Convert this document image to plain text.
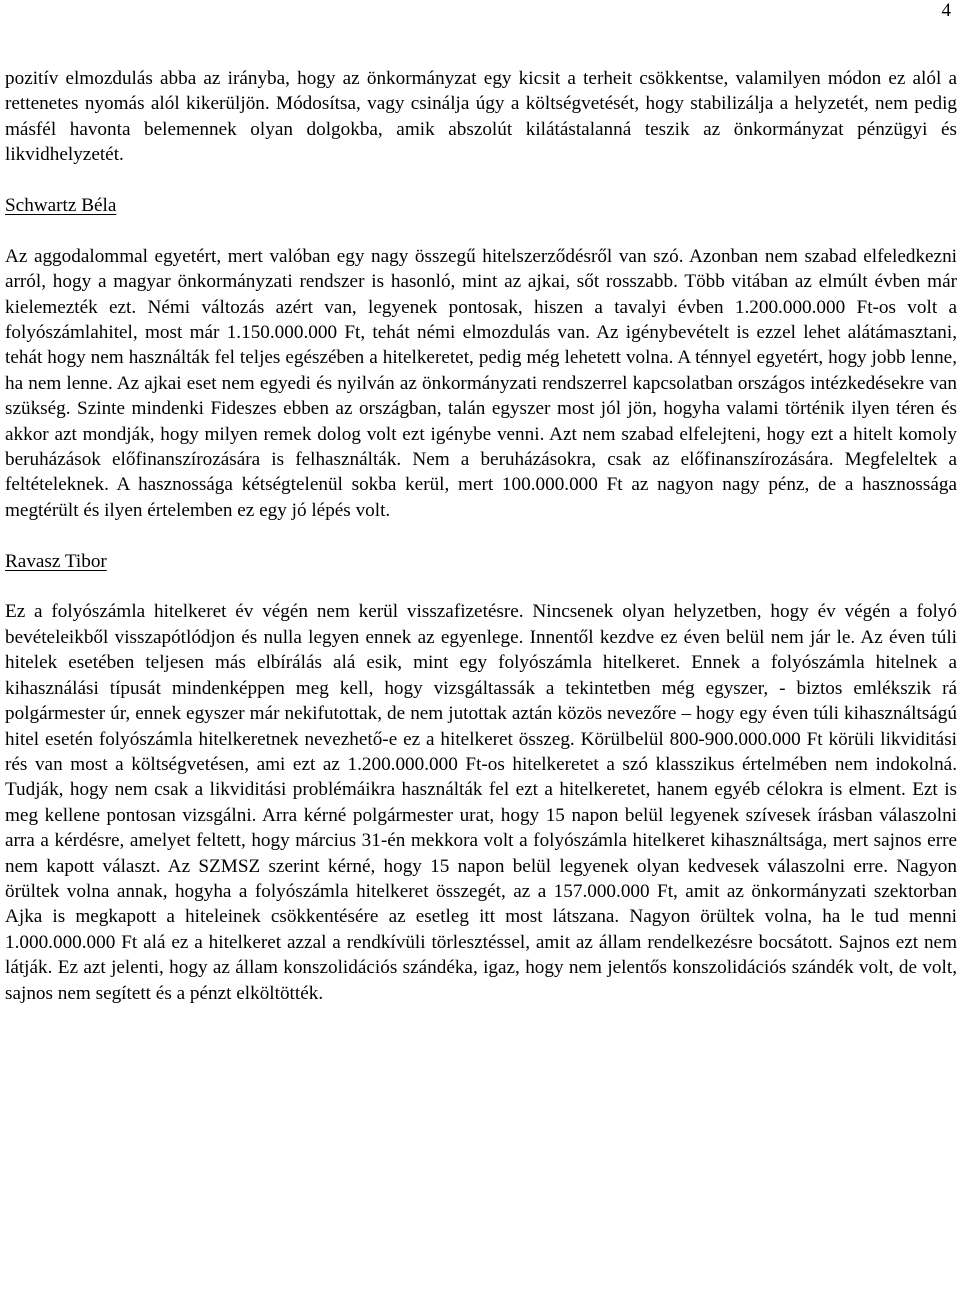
4

pozitív elmozdulás abba az irányba, hogy az önkormányzat egy kicsit a terheit csökkentse, valamilyen módon ez alól a rettenetes nyomás alól kikerüljön. Módosítsa, vagy csinálja úgy a költségvetését, hogy stabilizálja a helyzetét, nem pedig másfél havonta belemennek olyan dolgokba, amik abszolút kilátástalanná teszik az önkormányzat pénzügyi és likvidhelyzetét.

Schwartz Béla

Az aggodalommal egyetért, mert valóban egy nagy összegű hitelszerződésről van szó. Azonban nem szabad elfeledkezni arról, hogy a magyar önkormányzati rendszer is hasonló, mint az ajkai, sőt rosszabb. Több vitában az elmúlt évben már kielemezték ezt. Némi változás azért van, legyenek pontosak, hiszen a tavalyi évben 1.200.000.000 Ft-os volt a folyószámlahitel, most már 1.150.000.000 Ft, tehát némi elmozdulás van. Az igénybevételt is ezzel lehet alátámasztani, tehát hogy nem használták fel teljes egészében a hitelkeretet, pedig még lehetett volna. A ténnyel egyetért, hogy jobb lenne, ha nem lenne. Az ajkai eset nem egyedi és nyilván az önkormányzati rendszerrel kapcsolatban országos intézkedésekre van szükség. Szinte mindenki Fideszes ebben az országban, talán egyszer most jól jön, hogyha valami történik ilyen téren és akkor azt mondják, hogy milyen remek dolog volt ezt igénybe venni. Azt nem szabad elfelejteni, hogy ezt a hitelt komoly beruházások előfinanszírozására is felhasználták. Nem a beruházásokra, csak az előfinanszírozására. Megfeleltek a feltételeknek. A hasznossága kétségtelenül sokba kerül, mert 100.000.000 Ft az nagyon nagy pénz, de a hasznossága megtérült és ilyen értelemben ez egy jó lépés volt.

Ravasz Tibor

Ez a folyószámla hitelkeret év végén nem kerül visszafizetésre. Nincsenek olyan helyzetben, hogy év végén a folyó bevételeikből visszapótlódjon és nulla legyen ennek az egyenlege. Innentől kezdve ez éven belül nem jár le. Az éven túli hitelek esetében teljesen más elbírálás alá esik, mint egy folyószámla hitelkeret. Ennek a folyószámla hitelnek a kihasználási típusát mindenképpen meg kell, hogy vizsgáltassák a tekintetben még egyszer, - biztos emlékszik rá polgármester úr, ennek egyszer már nekifutottak, de nem jutottak aztán közös nevezőre – hogy egy éven túli kihasználtságú hitel esetén folyószámla hitelkeretnek nevezhető-e ez a hitelkeret összeg. Körülbelül 800-900.000.000 Ft körüli likviditási rés van most a költségvetésen, ami ezt az 1.200.000.000 Ft-os hitelkeretet a szó klasszikus értelmében nem indokolná. Tudják, hogy nem csak a likviditási problémáikra használták fel ezt a hitelkeretet, hanem egyéb célokra is elment. Ezt is meg kellene pontosan vizsgálni. Arra kérné polgármester urat, hogy 15 napon belül legyenek szívesek írásban válaszolni arra a kérdésre, amelyet feltett, hogy március 31-én mekkora volt a folyószámla hitelkeret kihasználtsága, mert sajnos erre nem kapott választ. Az SZMSZ szerint kérné, hogy 15 napon belül legyenek olyan kedvesek válaszolni erre. Nagyon örültek volna annak, hogyha a folyószámla hitelkeret összegét, az a 157.000.000 Ft, amit az önkormányzati szektorban Ajka is megkapott a hiteleinek csökkentésére az esetleg itt most látszana. Nagyon örültek volna, ha le tud menni 1.000.000.000 Ft alá ez a hitelkeret azzal a rendkívüli törlesztéssel, amit az állam rendelkezésre bocsátott. Sajnos ezt nem látják. Ez azt jelenti, hogy az állam konszolidációs szándéka, igaz, hogy nem jelentős konszolidációs szándék volt, de volt, sajnos nem segített és a pénzt elköltötték.
